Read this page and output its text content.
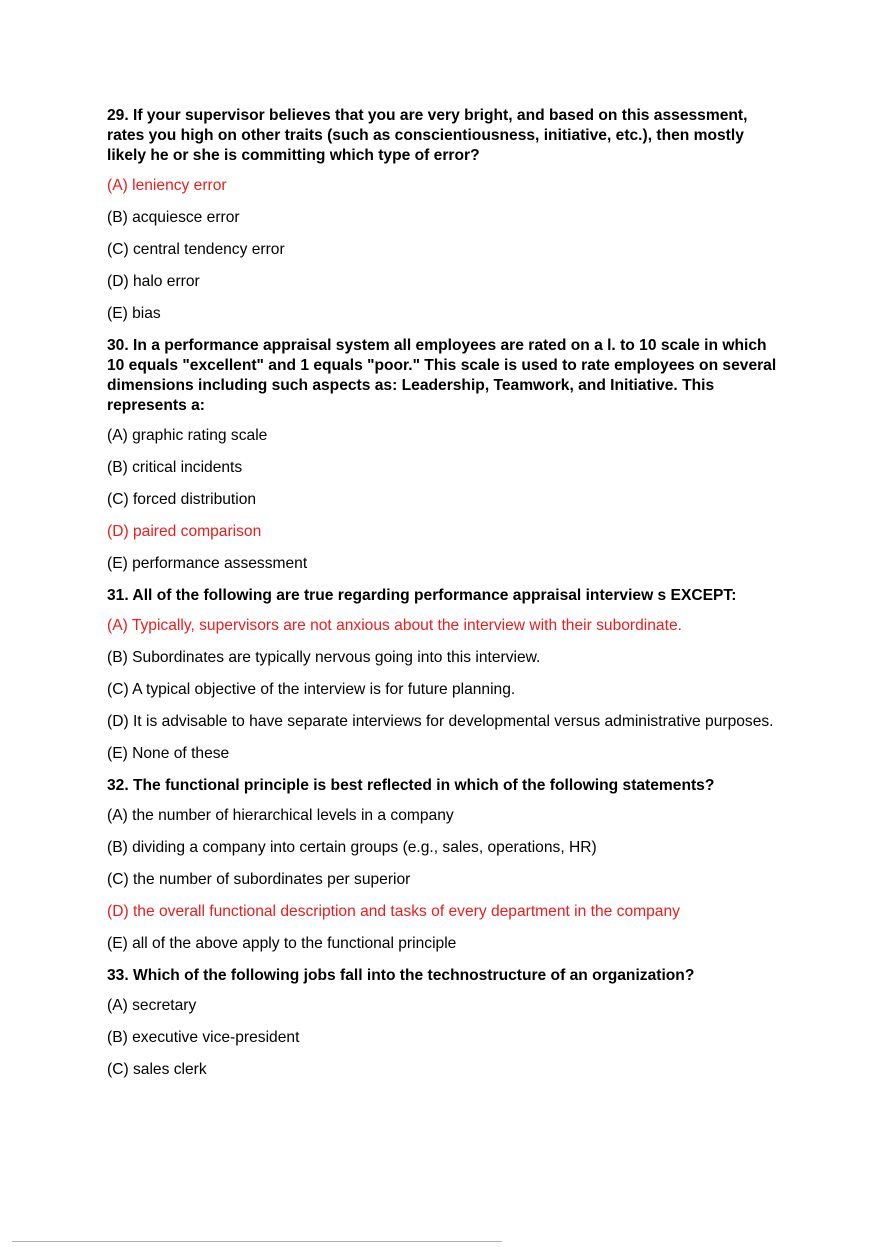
29. If your supervisor believes that you are very bright, and based on this assessment, rates you high on other traits (such as conscientiousness, initiative, etc.), then mostly likely he or she is committing which type of error?
(A) leniency error
(B) acquiesce error
(C) central tendency error
(D) halo error
(E) bias
30. In a performance appraisal system all employees are rated on a l. to 10 scale in which 10 equals "excellent" and 1 equals "poor." This scale is used to rate employees on several dimensions including such aspects as: Leadership, Teamwork, and Initiative. This represents a:
(A) graphic rating scale
(B) critical incidents
(C) forced distribution
(D) paired comparison
(E) performance assessment
31. All of the following are true regarding performance appraisal interview s EXCEPT:
(A) Typically, supervisors are not anxious about the interview with their subordinate.
(B) Subordinates are typically nervous going into this interview.
(C) A typical objective of the interview is for future planning.
(D) It is advisable to have separate interviews for developmental versus administrative purposes.
(E) None of these
32. The functional principle is best reflected in which of the following statements?
(A) the number of hierarchical levels in a company
(B) dividing a company into certain groups (e.g., sales, operations, HR)
(C) the number of subordinates per superior
(D) the overall functional description and tasks of every department in the company
(E) all of the above apply to the functional principle
33. Which of the following jobs fall into the technostructure of an organization?
(A) secretary
(B) executive vice-president
(C) sales clerk
